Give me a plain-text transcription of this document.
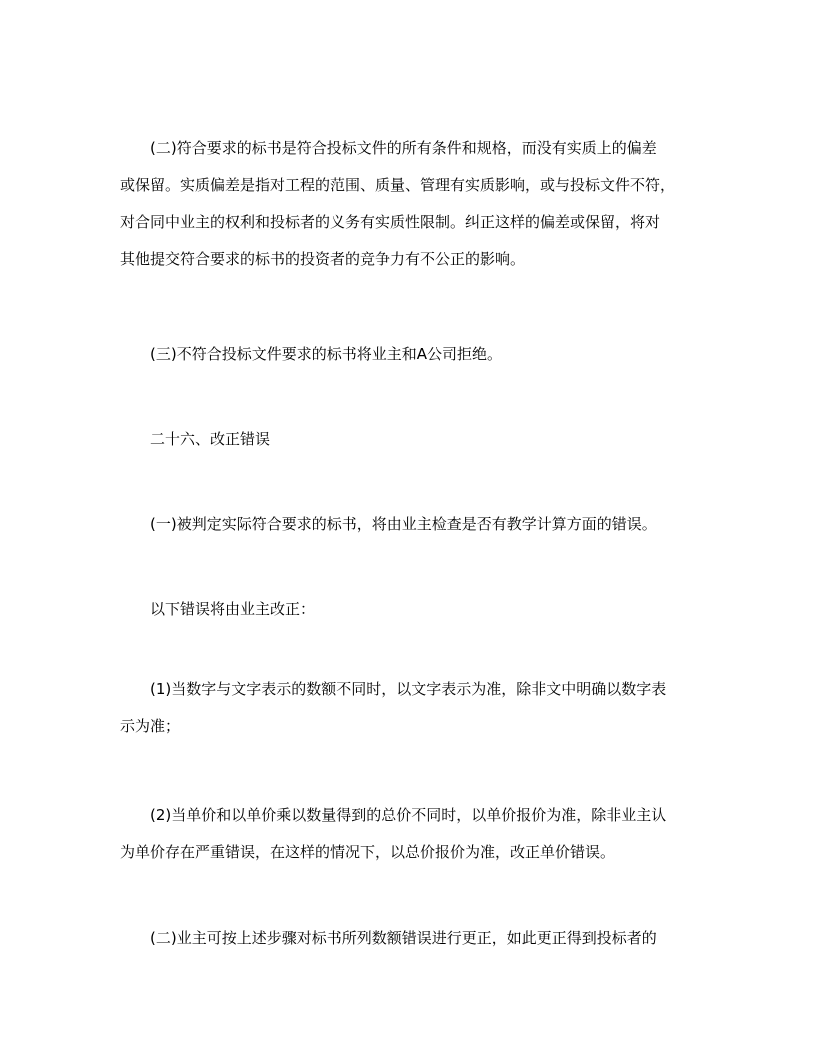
(二)符合要求的标书是符合投标文件的所有条件和规格，而没有实质上的偏差
或保留。实质偏差是指对工程的范围、质量、管理有实质影响，或与投标文件不符，
对合同中业主的权利和投标者的义务有实质性限制。纠正这样的偏差或保留，将对
其他提交符合要求的标书的投资者的竞争力有不公正的影响。

(三)不符合投标文件要求的标书将业主和A公司拒绝。

二十六、改正错误

(一)被判定实际符合要求的标书，将由业主检查是否有教学计算方面的错误。

以下错误将由业主改正：

(1)当数字与文字表示的数额不同时，以文字表示为准，除非文中明确以数字表
示为准；

(2)当单价和以单价乘以数量得到的总价不同时，以单价报价为准，除非业主认
为单价存在严重错误，在这样的情况下，以总价报价为准，改正单价错误。

(二)业主可按上述步骤对标书所列数额错误进行更正，如此更正得到投标者的
